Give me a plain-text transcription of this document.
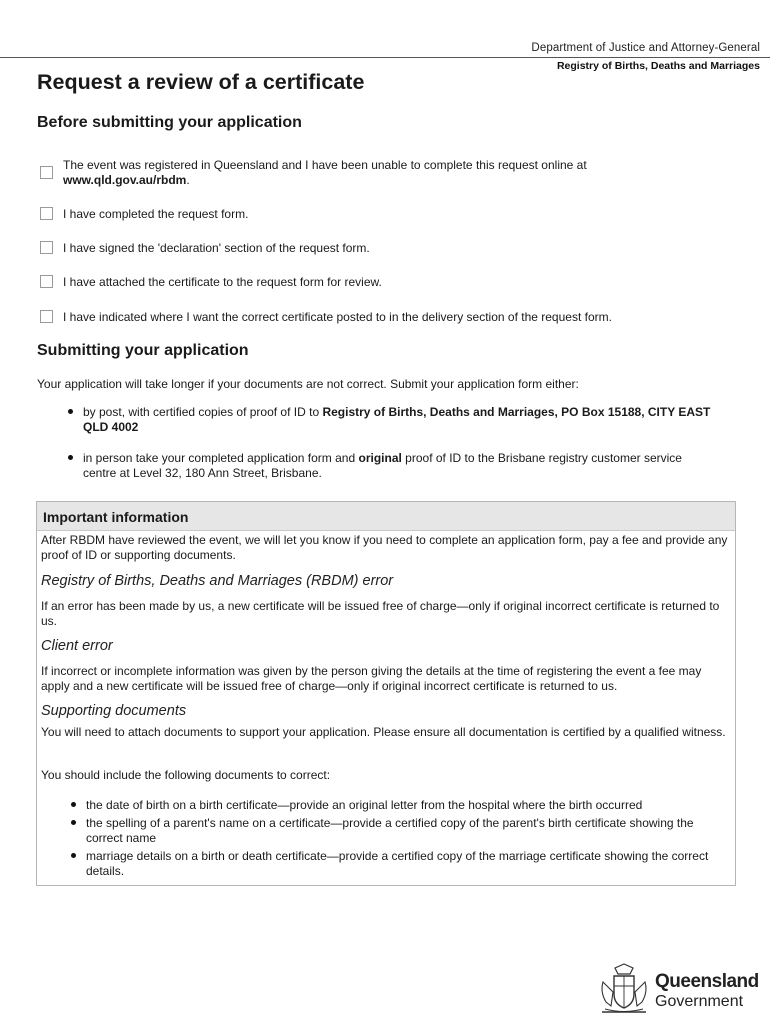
Department of Justice and Attorney-General
Registry of Births, Deaths and Marriages
Request a review of a certificate
Before submitting your application
The event was registered in Queensland and I have been unable to complete this request online at
www.qld.gov.au/rbdm.
I have completed the request form.
I have signed the 'declaration' section of the request form.
I have attached the certificate to the request form for review.
I have indicated where I want the correct certificate posted to in the delivery section of the request form.
Submitting your application
Your application will take longer if your documents are not correct. Submit your application form either:
by post, with certified copies of proof of ID to Registry of Births, Deaths and Marriages, PO Box 15188, CITY EAST QLD 4002
in person take your completed application form and original proof of ID to the Brisbane registry customer service centre at Level 32, 180 Ann Street, Brisbane.
Important information
After RBDM have reviewed the event, we will let you know if you need to complete an application form, pay a fee and provide any proof of ID or supporting documents.
Registry of Births, Deaths and Marriages (RBDM) error
If an error has been made by us, a new certificate will be issued free of charge—only if original incorrect certificate is returned to us.
Client error
If incorrect or incomplete information was given by the person giving the details at the time of registering the event a fee may apply and a new certificate will be issued free of charge—only if original incorrect certificate is returned to us.
Supporting documents
You will need to attach documents to support your application. Please ensure all documentation is certified by a qualified witness.
You should include the following documents to correct:
the date of birth on a birth certificate—provide an original letter from the hospital where the birth occurred
the spelling of a parent's name on a certificate—provide a certified copy of the parent's birth certificate showing the correct name
marriage details on a birth or death certificate—provide a certified copy of the marriage certificate showing the correct details.
Queensland
Government
